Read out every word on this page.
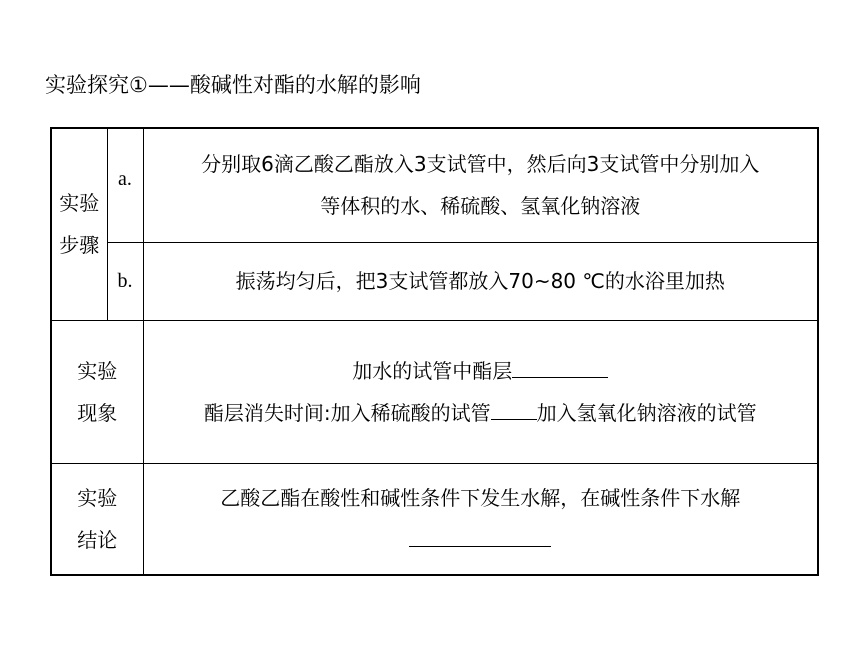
实验探究①——酸碱性对酯的水解的影响
实验
步骤	a.	分别取6滴乙酸乙酯放入3支试管中，然后向3支试管中分别加入
等体积的水、稀硫酸、氢氧化钠溶液

	b.	振荡均匀后，把3支试管都放入70~80 ℃的水浴里加热

实验
现象		加水的试管中酯层
酯层消失时间:加入稀硫酸的试管 加入氢氧化钠溶液的试管

实验
结论		乙酸乙酯在酸性和碱性条件下发生水解，在碱性条件下水解
